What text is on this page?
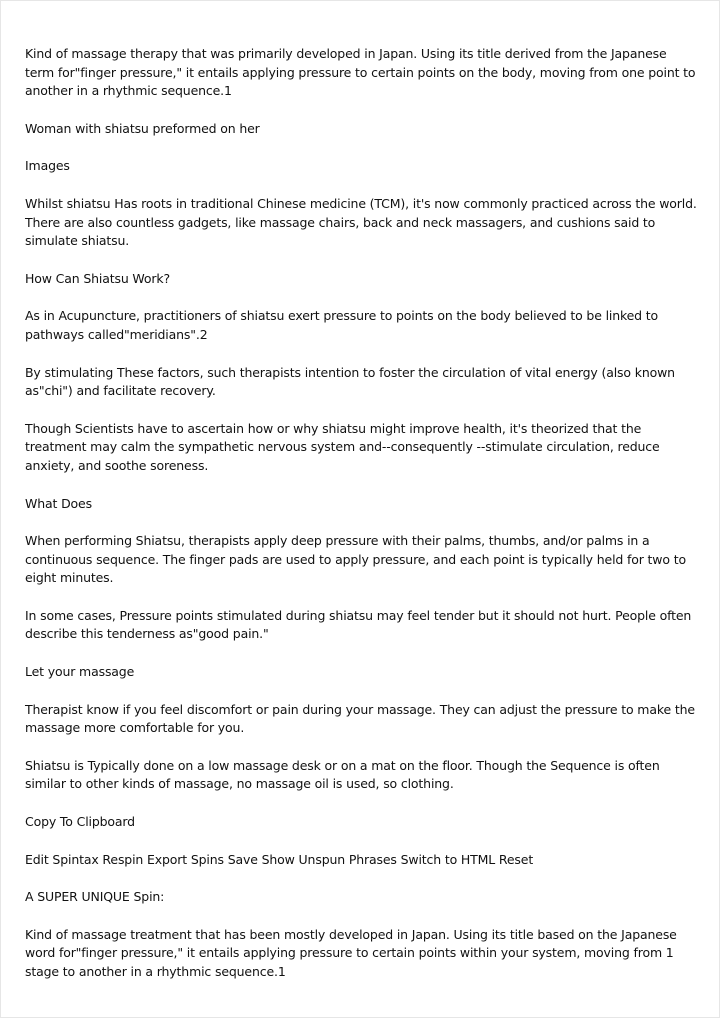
Kind of massage therapy that was primarily developed in Japan. Using its title derived from the Japanese term for"finger pressure," it entails applying pressure to certain points on the body, moving from one point to another in a rhythmic sequence.1

Woman with shiatsu preformed on her

Images

Whilst shiatsu Has roots in traditional Chinese medicine (TCM), it's now commonly practiced across the world. There are also countless gadgets, like massage chairs, back and neck massagers, and cushions said to simulate shiatsu.

How Can Shiatsu Work?

As in Acupuncture, practitioners of shiatsu exert pressure to points on the body believed to be linked to pathways called"meridians".2

By stimulating These factors, such therapists intention to foster the circulation of vital energy (also known as"chi") and facilitate recovery.

Though Scientists have to ascertain how or why shiatsu might improve health, it's theorized that the treatment may calm the sympathetic nervous system and--consequently --stimulate circulation, reduce anxiety, and soothe soreness.

What Does

When performing Shiatsu, therapists apply deep pressure with their palms, thumbs, and/or palms in a continuous sequence. The finger pads are used to apply pressure, and each point is typically held for two to eight minutes.

In some cases, Pressure points stimulated during shiatsu may feel tender but it should not hurt. People often describe this tenderness as"good pain."

Let your massage

Therapist know if you feel discomfort or pain during your massage. They can adjust the pressure to make the massage more comfortable for you.

Shiatsu is Typically done on a low massage desk or on a mat on the floor. Though the Sequence is often similar to other kinds of massage, no massage oil is used, so clothing.

Copy To Clipboard

Edit Spintax Respin Export Spins Save Show Unspun Phrases Switch to HTML Reset

A SUPER UNIQUE Spin:

Kind of massage treatment that has been mostly developed in Japan. Using its title based on the Japanese word for"finger pressure," it entails applying pressure to certain points within your system, moving from 1 stage to another in a rhythmic sequence.1
